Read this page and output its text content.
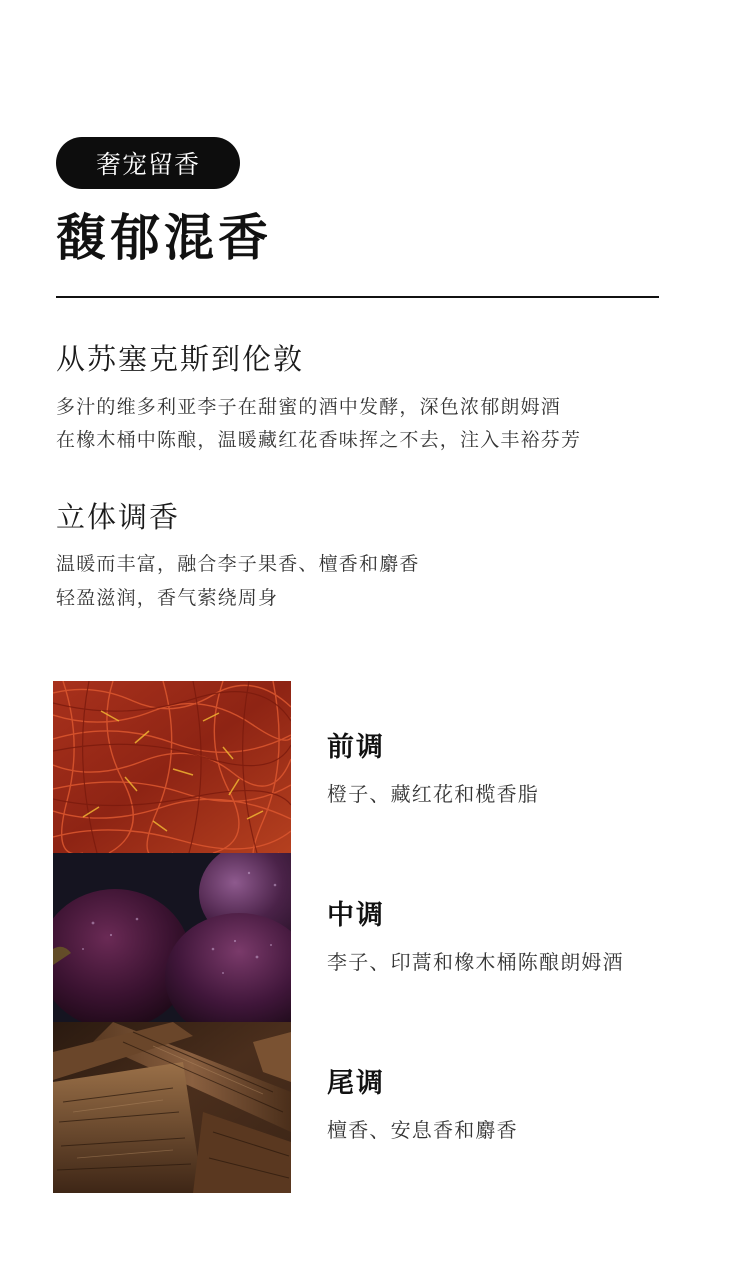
奢宠留香
馥郁混香
从苏塞克斯到伦敦
多汁的维多利亚李子在甜蜜的酒中发酵，深色浓郁朗姆酒
在橡木桶中陈酿，温暖藏红花香味挥之不去，注入丰裕芬芳
立体调香
温暖而丰富，融合李子果香、檀香和麝香
轻盈滋润，香气萦绕周身
前调
橙子、藏红花和榄香脂
中调
李子、印蒿和橡木桶陈酿朗姆酒
尾调
檀香、安息香和麝香
